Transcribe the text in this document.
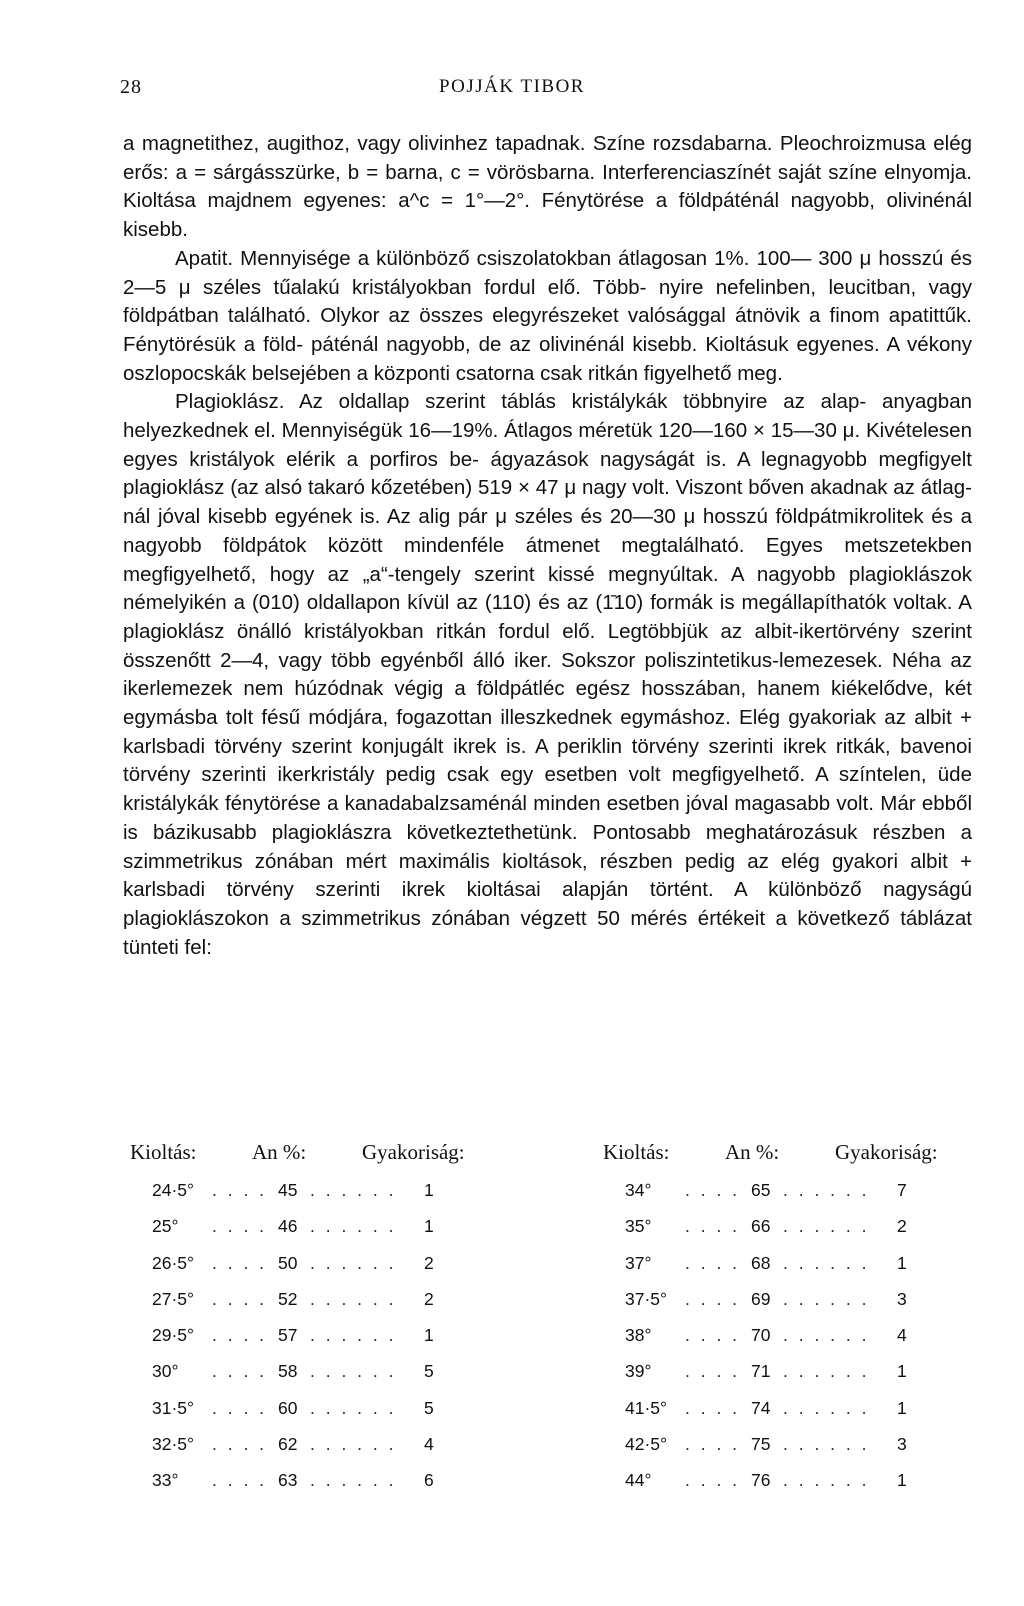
28	POJJÁK TIBOR

a magnetithez, augithoz, vagy olivinhez tapadnak. Színe rozsdabarna. Pleochroizmusa elég erős: a = sárgásszürke, b = barna, c = vörösbarna. Interferenciaszínét saját színe elnyomja. Kioltása majdnem egyenes: a^c = 1°—2°. Fénytörése a földpáténál nagyobb, olivinénál kisebb.

Apatit. Mennyisége a különböző csiszolatokban átlagosan 1%. 100— 300 μ hosszú és 2—5 μ széles tűalakú kristályokban fordul elő. Több- nyire nefelinben, leucitban, vagy földpátban található. Olykor az összes elegyrészeket valósággal átnövik a finom apatittűk. Fénytörésük a föld- páténál nagyobb, de az olivinénál kisebb. Kioltásuk egyenes. A vékony oszlopocskák belsejében a központi csatorna csak ritkán figyelhető meg.

Plagioklász. Az oldallap szerint táblás kristálykák többnyire az alap- anyagban helyezkednek el. Mennyiségük 16—19%. Átlagos méretük 120—160 × 15—30 μ. Kivételesen egyes kristályok elérik a porfiros be- ágyazások nagyságát is. A legnagyobb megfigyelt plagioklász (az alsó takaró kőzetében) 519 × 47 μ nagy volt. Viszont bőven akadnak az átlag- nál jóval kisebb egyének is. Az alig pár μ széles és 20—30 μ hosszú földpátmikrolitek és a nagyobb földpátok között mindenféle átmenet megtalálható. Egyes metszetekben megfigyelhető, hogy az „a“-tengely szerint kissé megnyúltak. A nagyobb plagioklászok némelyikén a (010) oldallapon kívül az (110) és az (1̄10) formák is megállapíthatók voltak. A plagioklász önálló kristályokban ritkán fordul elő. Legtöbbjük az albit-ikertörvény szerint összenőtt 2—4, vagy több egyénből álló iker. Sokszor poliszintetikus-lemezesek. Néha az ikerlemezek nem húzódnak végig a földpátléc egész hosszában, hanem kiékelődve, két egymásba tolt fésű módjára, fogazottan illeszkednek egymáshoz. Elég gyakoriak az albit + karlsbadi törvény szerint konjugált ikrek is. A periklin törvény szerinti ikrek ritkák, bavenoi törvény szerinti ikerkristály pedig csak egy esetben volt megfigyelhető. A színtelen, üde kristálykák fénytörése a kanadabalzsaménál minden esetben jóval magasabb volt. Már ebből is bázikusabb plagioklászra következtethetünk. Pontosabb meghatározásuk részben a szimmetrikus zónában mért maximális kioltások, részben pedig az elég gyakori albit + karlsbadi törvény szerinti ikrek kioltásai alapján történt. A különböző nagyságú plagioklászokon a szimmetrikus zónában végzett 50 mérés értékeit a következő táblázat tünteti fel:

Kioltás:	An %:	Gyakoriság:
24·5° . . . . 45 . . . . . . 1
25° . . . . 46 . . . . . . 1
26·5° . . . . 50 . . . . . . 2
27·5° . . . . 52 . . . . . . 2
29·5° . . . . 57 . . . . . . 1
30° . . . . 58 . . . . . . 5
31·5° . . . . 60 . . . . . . 5
32·5° . . . . 62 . . . . . . 4
33° . . . . 63 . . . . . . 6
Kioltás:	An %:	Gyakoriság:
34° . . . . 65 . . . . . . 7
35° . . . . 66 . . . . . . 2
37° . . . . 68 . . . . . . 1
37·5° . . . . 69 . . . . . . 3
38° . . . . 70 . . . . . . 4
39° . . . . 71 . . . . . . 1
41·5° . . . . 74 . . . . . . 1
42·5° . . . . 75 . . . . . . 3
44° . . . . 76 . . . . . . 1
